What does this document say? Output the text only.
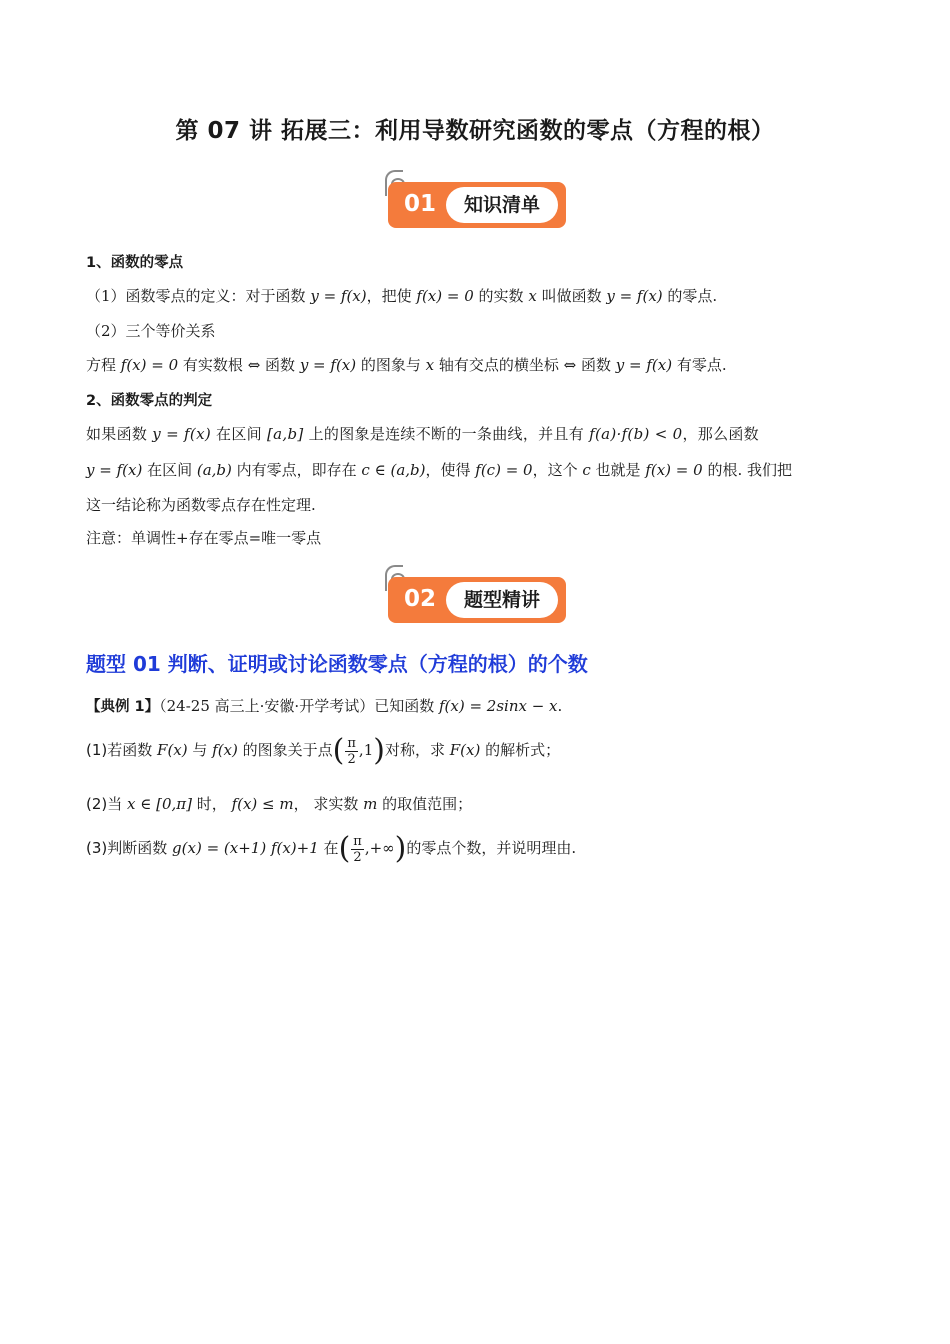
第 07 讲 拓展三：利用导数研究函数的零点（方程的根）
01	知识清单
1、函数的零点
（1）函数零点的定义：对于函数 y = f(x)，把使 f(x) = 0 的实数 x 叫做函数 y = f(x) 的零点.
（2）三个等价关系
方程 f(x) = 0 有实数根 ⇔ 函数 y = f(x) 的图象与 x 轴有交点的横坐标 ⇔ 函数 y = f(x) 有零点.
2、函数零点的判定
如果函数 y = f(x) 在区间 [a,b] 上的图象是连续不断的一条曲线，并且有 f(a)·f(b) < 0，那么函数
y = f(x) 在区间 (a,b) 内有零点，即存在 c ∈ (a,b)，使得 f(c) = 0，这个 c 也就是 f(x) = 0 的根. 我们把
这一结论称为函数零点存在性定理.
注意：单调性+存在零点=唯一零点
02	题型精讲
题型 01 判断、证明或讨论函数零点（方程的根）的个数
【典例 1】（24-25 高三上·安徽·开学考试）已知函数 f(x) = 2sinx − x.
(1)若函数 F(x) 与 f(x) 的图象关于点( $\frac{\pi}{2} ,1$)对称，求 F(x) 的解析式；
(2)当 x ∈ [0,π] 时， f(x) ≤ m， 求实数 m 的取值范围；
(3)判断函数 g(x) = (x+1) f(x)+1 在( $\frac{\pi}{2}$ ,+∞)的零点个数，并说明理由.
